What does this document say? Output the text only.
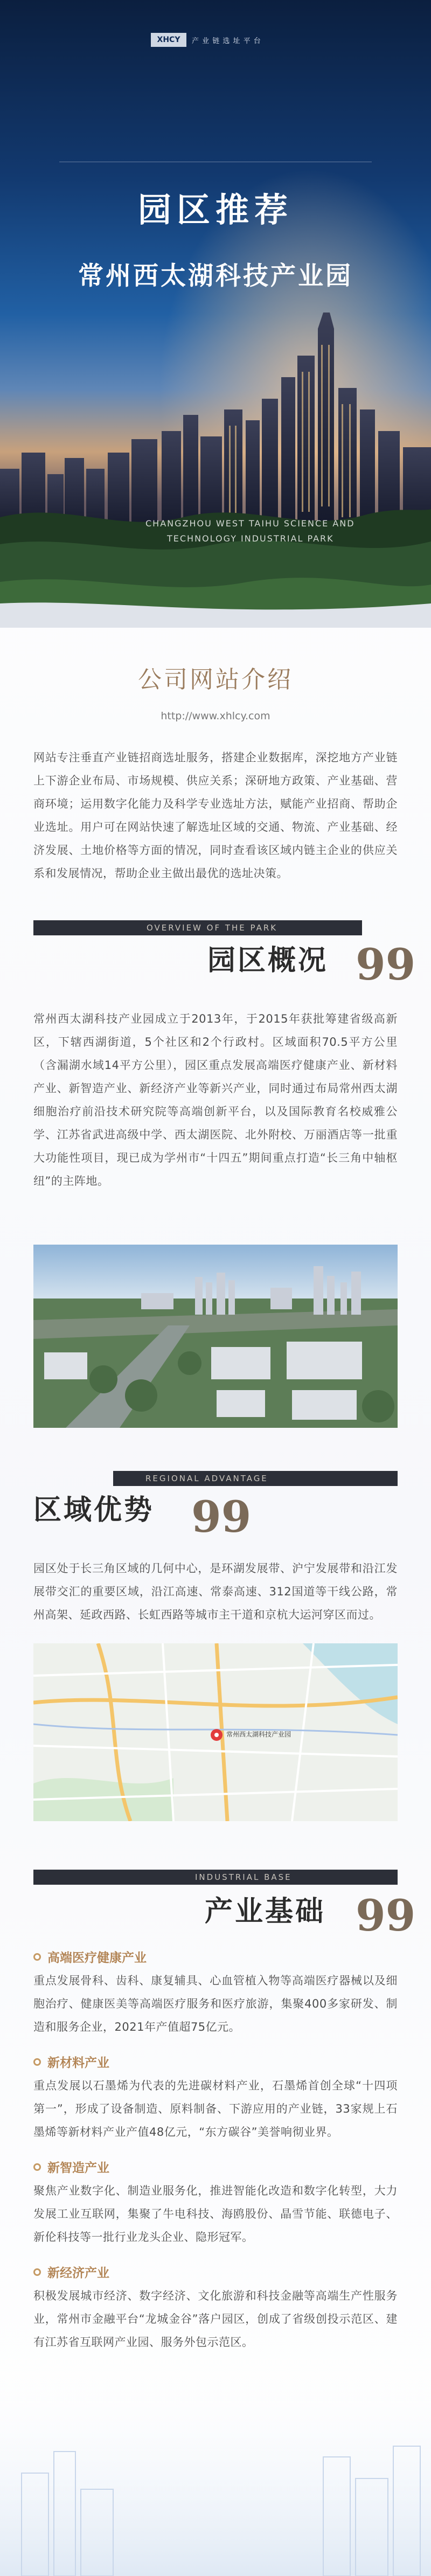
XHCY	产 业 链 选 址 平 台
园区推荐
常州西太湖科技产业园
CHANGZHOU WEST TAIHU SCIENCE AND
TECHNOLOGY INDUSTRIAL PARK
公司网站介绍
http://www.xhlcy.com
网站专注垂直产业链招商选址服务，搭建企业数据库，深挖地方产业链上下游企业布局、市场规模、供应关系；深研地方政策、产业基础、营商环境；运用数字化能力及科学专业选址方法，赋能产业招商、帮助企业选址。用户可在网站快速了解选址区域的交通、物流、产业基础、经济发展、土地价格等方面的情况，同时查看该区域内链主企业的供应关系和发展情况，帮助企业主做出最优的选址决策。
OVERVIEW OF THE PARK
园区概况 99
常州西太湖科技产业园成立于2013年，于2015年获批筹建省级高新区，下辖西湖街道，5个社区和2个行政村。区域面积70.5平方公里（含漏湖水域14平方公里），园区重点发展高端医疗健康产业、新材料产业、新智造产业、新经济产业等新兴产业，同时通过布局常州西太湖细胞治疗前沿技术研究院等高端创新平台，以及国际教育名校威雅公学、江苏省武进高级中学、西太湖医院、北外附校、万丽酒店等一批重大功能性项目，现已成为学州市“十四五”期间重点打造“长三角中轴枢纽”的主阵地。
REGIONAL ADVANTAGE
区域优势 99
园区处于长三角区域的几何中心，是环湖发展带、沪宁发展带和沿江发展带交汇的重要区域，沿江高速、常泰高速、312国道等干线公路，常州高架、延政西路、长虹西路等城市主干道和京杭大运河穿区而过。
常州西太湖科技产业园
INDUSTRIAL BASE
产业基础 99
高端医疗健康产业
重点发展骨科、齿科、康复辅具、心血管植入物等高端医疗器械以及细胞治疗、健康医美等高端医疗服务和医疗旅游，集聚400多家研发、制造和服务企业，2021年产值超75亿元。
新材料产业
重点发展以石墨烯为代表的先进碳材料产业，石墨烯首创全球“十四项第一”，形成了设备制造、原料制备、下游应用的产业链，33家规上石墨烯等新材料产业产值48亿元，“东方碳谷”美誉响彻业界。
新智造产业
聚焦产业数字化、制造业服务化，推进智能化改造和数字化转型，大力发展工业互联网，集聚了牛电科技、海鸥股份、晶雪节能、联德电子、新伦科技等一批行业龙头企业、隐形冠军。
新经济产业
积极发展城市经济、数字经济、文化旅游和科技金融等高端生产性服务业，常州市金融平台“龙城金谷”落户园区，创成了省级创投示范区、建有江苏省互联网产业园、服务外包示范区。
